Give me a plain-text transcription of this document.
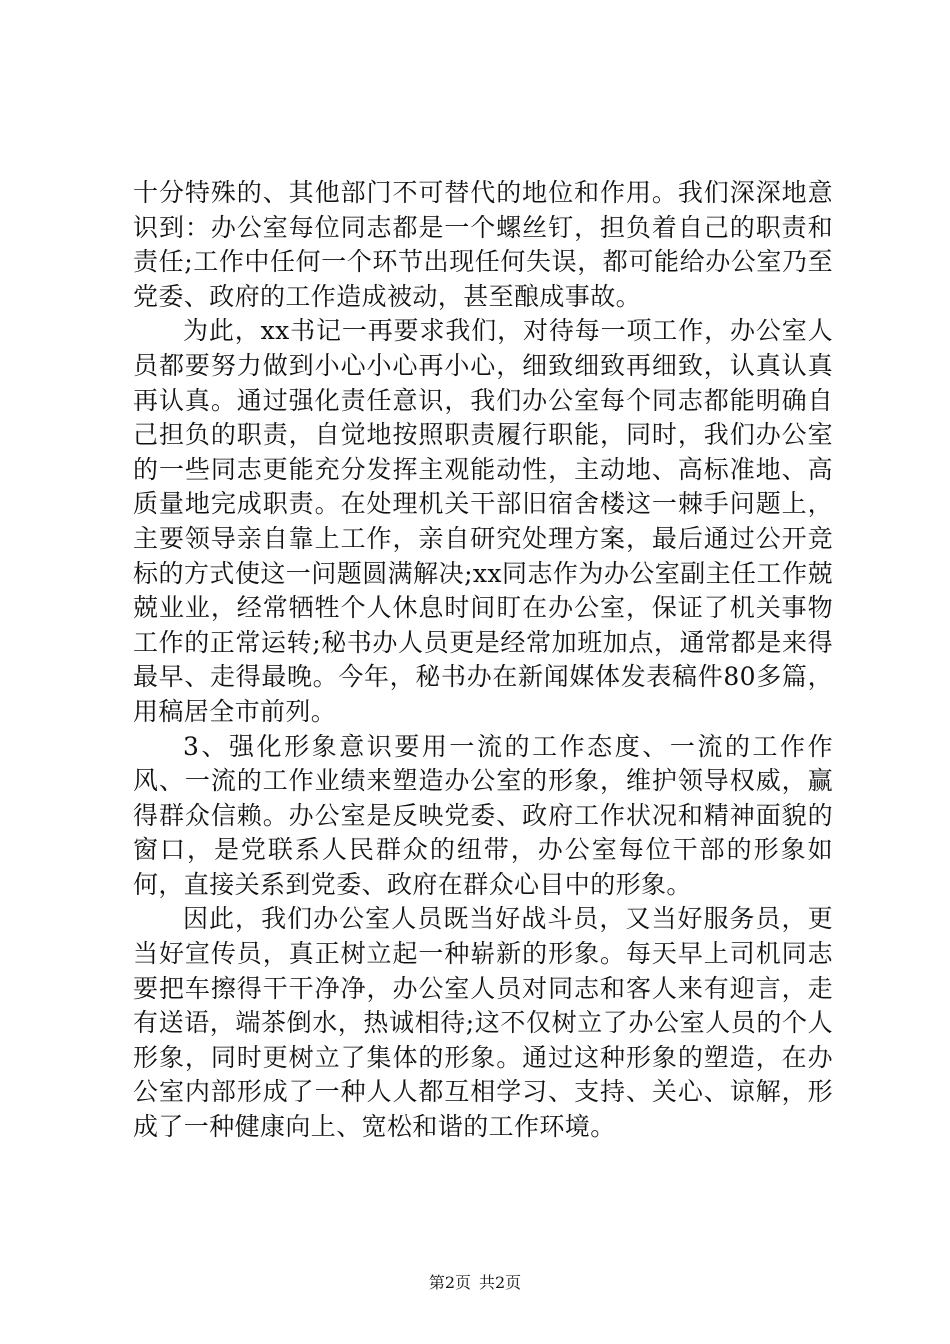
十分特殊的、其他部门不可替代的地位和作用。我们深深地意识到：办公室每位同志都是一个螺丝钉，担负着自己的职责和责任;工作中任何一个环节出现任何失误，都可能给办公室乃至党委、政府的工作造成被动，甚至酿成事故。

为此，xx书记一再要求我们，对待每一项工作，办公室人员都要努力做到小心小心再小心，细致细致再细致，认真认真再认真。通过强化责任意识，我们办公室每个同志都能明确自己担负的职责，自觉地按照职责履行职能，同时，我们办公室的一些同志更能充分发挥主观能动性，主动地、高标准地、高质量地完成职责。在处理机关干部旧宿舍楼这一棘手问题上，主要领导亲自靠上工作，亲自研究处理方案，最后通过公开竞标的方式使这一问题圆满解决;xx同志作为办公室副主任工作兢兢业业，经常牺牲个人休息时间盯在办公室，保证了机关事物工作的正常运转;秘书办人员更是经常加班加点，通常都是来得最早、走得最晚。今年，秘书办在新闻媒体发表稿件80多篇，用稿居全市前列。

3、强化形象意识要用一流的工作态度、一流的工作作风、一流的工作业绩来塑造办公室的形象，维护领导权威，赢得群众信赖。办公室是反映党委、政府工作状况和精神面貌的窗口，是党联系人民群众的纽带，办公室每位干部的形象如何，直接关系到党委、政府在群众心目中的形象。

因此，我们办公室人员既当好战斗员，又当好服务员，更当好宣传员，真正树立起一种崭新的形象。每天早上司机同志要把车擦得干干净净，办公室人员对同志和客人来有迎言，走有送语，端茶倒水，热诚相待;这不仅树立了办公室人员的个人形象，同时更树立了集体的形象。通过这种形象的塑造，在办公室内部形成了一种人人都互相学习、支持、关心、谅解，形成了一种健康向上、宽松和谐的工作环境。

第2页 共2页
